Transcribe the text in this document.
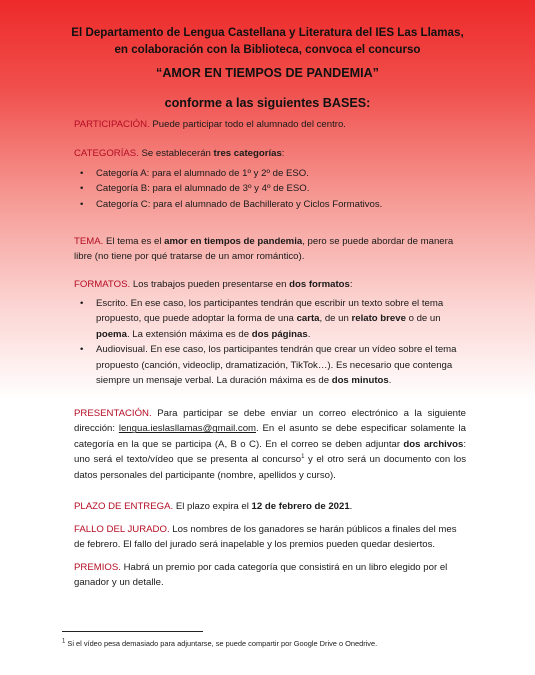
El Departamento de Lengua Castellana y Literatura del IES Las Llamas,
en colaboración con la Biblioteca, convoca el concurso
“AMOR EN TIEMPOS DE PANDEMIA”
conforme a las siguientes BASES:
PARTICIPACIÓN. Puede participar todo el alumnado del centro.
CATEGORÍAS. Se establecerán tres categorías:
• Categoría A: para el alumnado de 1º y 2º de ESO.
• Categoría B: para el alumnado de 3º y 4º de ESO.
• Categoría C: para el alumnado de Bachillerato y Ciclos Formativos.
TEMA. El tema es el amor en tiempos de pandemia, pero se puede abordar de manera libre (no tiene por qué tratarse de un amor romántico).
FORMATOS. Los trabajos pueden presentarse en dos formatos:
• Escrito. En ese caso, los participantes tendrán que escribir un texto sobre el tema propuesto, que puede adoptar la forma de una carta, de un relato breve o de un poema. La extensión máxima es de dos páginas.
• Audiovisual. En ese caso, los participantes tendrán que crear un vídeo sobre el tema propuesto (canción, videoclip, dramatización, TikTok…). Es necesario que contenga siempre un mensaje verbal. La duración máxima es de dos minutos.
PRESENTACIÓN. Para participar se debe enviar un correo electrónico a la siguiente dirección: lengua.ieslasllamas@gmail.com. En el asunto se debe especificar solamente la categoría en la que se participa (A, B o C). En el correo se deben adjuntar dos archivos: uno será el texto/vídeo que se presenta al concurso$^1$ y el otro será un documento con los datos personales del participante (nombre, apellidos y curso).
PLAZO DE ENTREGA. El plazo expira el 12 de febrero de 2021.
FALLO DEL JURADO. Los nombres de los ganadores se harán públicos a finales del mes de febrero. El fallo del jurado será inapelable y los premios pueden quedar desiertos.
PREMIOS. Habrá un premio por cada categoría que consistirá en un libro elegido por el ganador y un detalle.
$^1$ Si el vídeo pesa demasiado para adjuntarse, se puede compartir por Google Drive o Onedrive.
